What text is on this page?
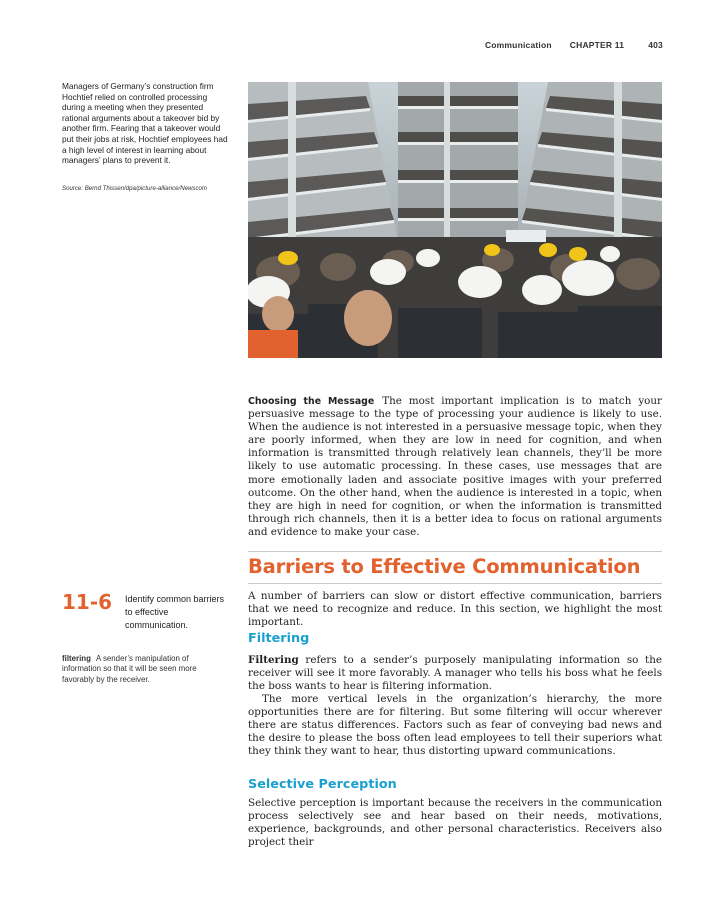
Communication CHAPTER 11	403

Managers of Germany’s construction firm Hochtief relied on controlled processing during a meeting when they presented rational arguments about a takeover bid by another firm. Fearing that a takeover would put their jobs at risk, Hochtief employees had a high level of interest in learning about managers’ plans to prevent it.

Source: Bernd Thissen/dpa/picture-alliance/Newscom

Choosing the Message The most important implication is to match your persuasive message to the type of processing your audience is likely to use. When the audience is not interested in a persuasive message topic, when they are poorly informed, when they are low in need for cognition, and when information is transmitted through relatively lean channels, they’ll be more likely to use automatic processing. In these cases, use messages that are more emotionally laden and associate positive images with your preferred outcome. On the other hand, when the audience is interested in a topic, when they are high in need for cognition, or when the information is transmitted through rich channels, then it is a better idea to focus on rational arguments and evidence to make your case.

Barriers to Effective Communication
11-6 Identify common barriers to effective communication.

A number of barriers can slow or distort effective communication, barriers that we need to recognize and reduce. In this section, we highlight the most important.

Filtering

Filtering refers to a sender’s purposely manipulating information so the receiver will see it more favorably. A manager who tells his boss what he feels the boss wants to hear is filtering information.

The more vertical levels in the organization’s hierarchy, the more opportunities there are for filtering. But some filtering will occur wherever there are status differences. Factors such as fear of conveying bad news and the desire to please the boss often lead employees to tell their superiors what they think they want to hear, thus distorting upward communications.

filtering A sender’s manipulation of information so that it will be seen more favorably by the receiver.

Selective Perception

Selective perception is important because the receivers in the communication process selectively see and hear based on their needs, motivations, experience, backgrounds, and other personal characteristics. Receivers also project their
